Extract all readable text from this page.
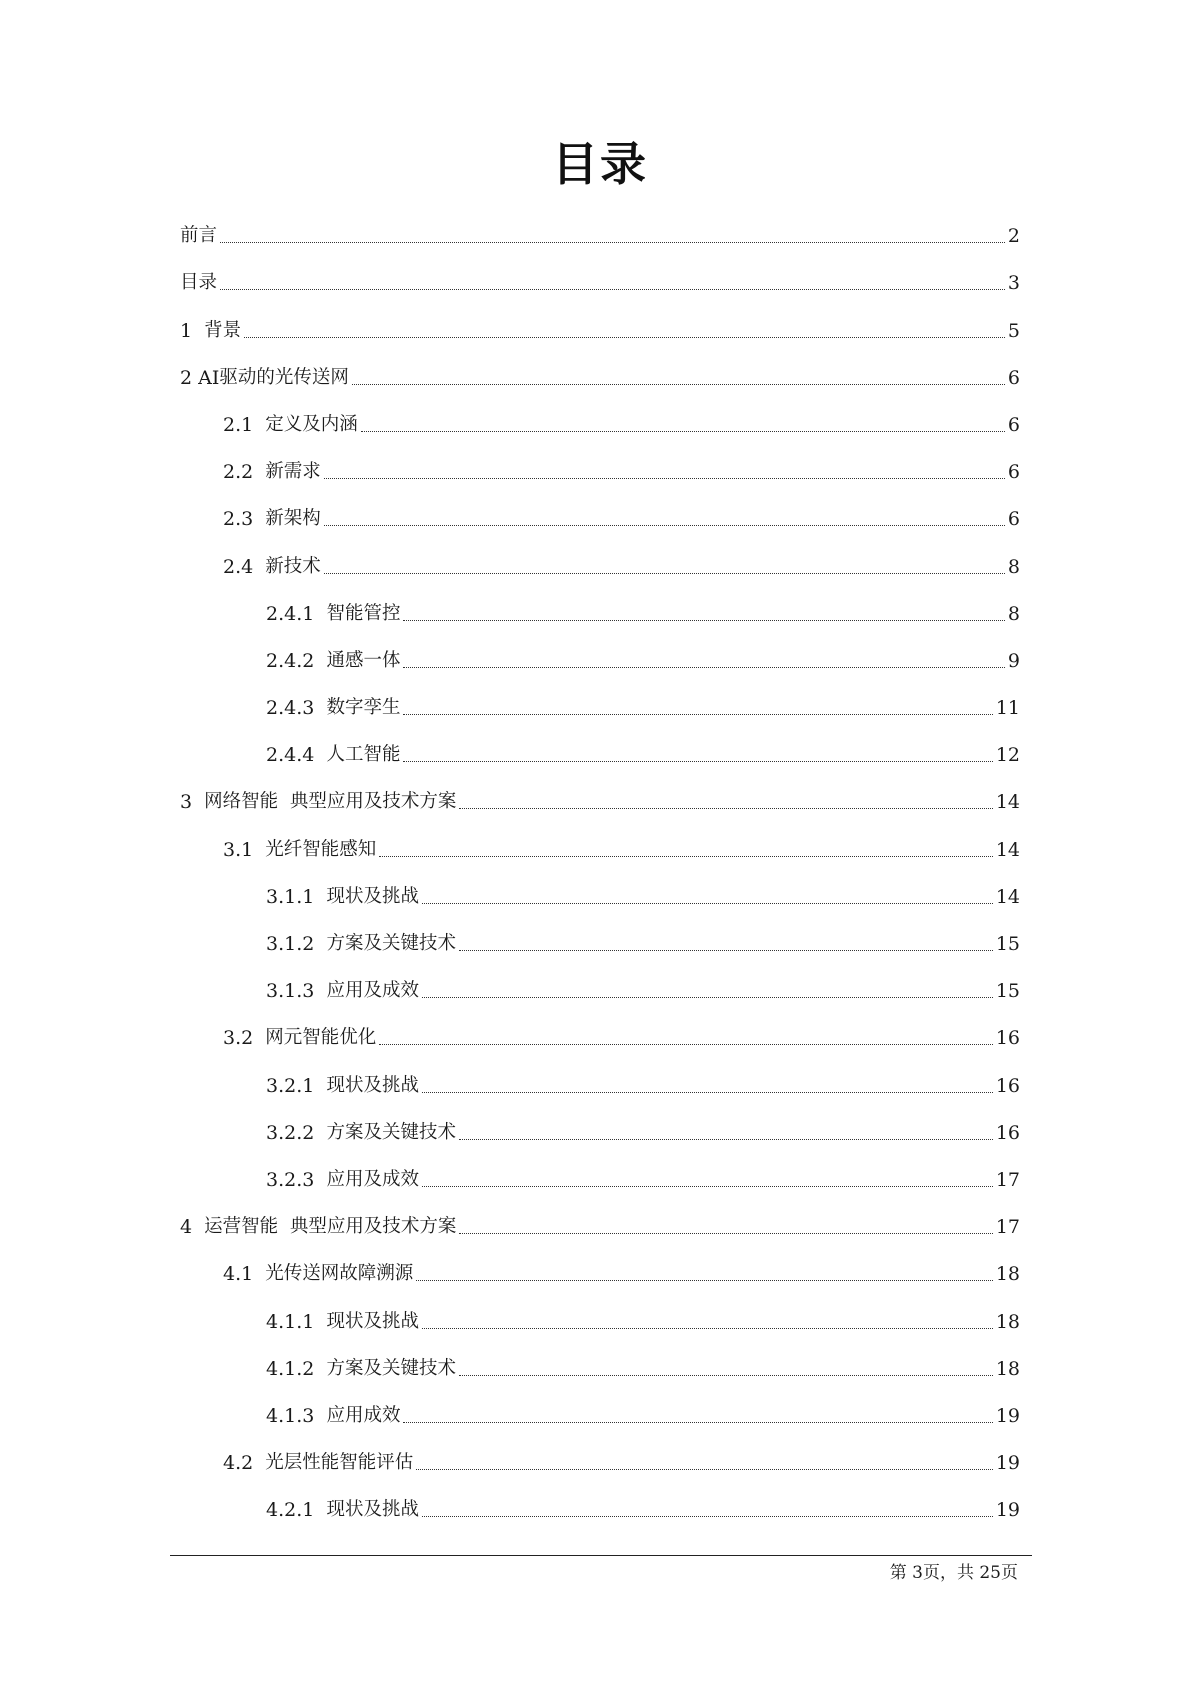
目录
前言	2
目录	3
1 背景	5
2 AI 驱动的光传送网	6
2.1 定义及内涵	6
2.2 新需求	6
2.3 新架构	6
2.4 新技术	8
2.4.1 智能管控	8
2.4.2 通感一体	9
2.4.3 数字孪生	11
2.4.4 人工智能	12
3 网络智能  典型应用及技术方案	14
3.1 光纤智能感知	14
3.1.1 现状及挑战	14
3.1.2 方案及关键技术	15
3.1.3 应用及成效	15
3.2 网元智能优化	16
3.2.1 现状及挑战	16
3.2.2 方案及关键技术	16
3.2.3 应用及成效	17
4 运营智能  典型应用及技术方案	17
4.1 光传送网故障溯源	18
4.1.1 现状及挑战	18
4.1.2 方案及关键技术	18
4.1.3 应用成效	19
4.2 光层性能智能评估	19
4.2.1 现状及挑战	19
第 3页，共 25页
